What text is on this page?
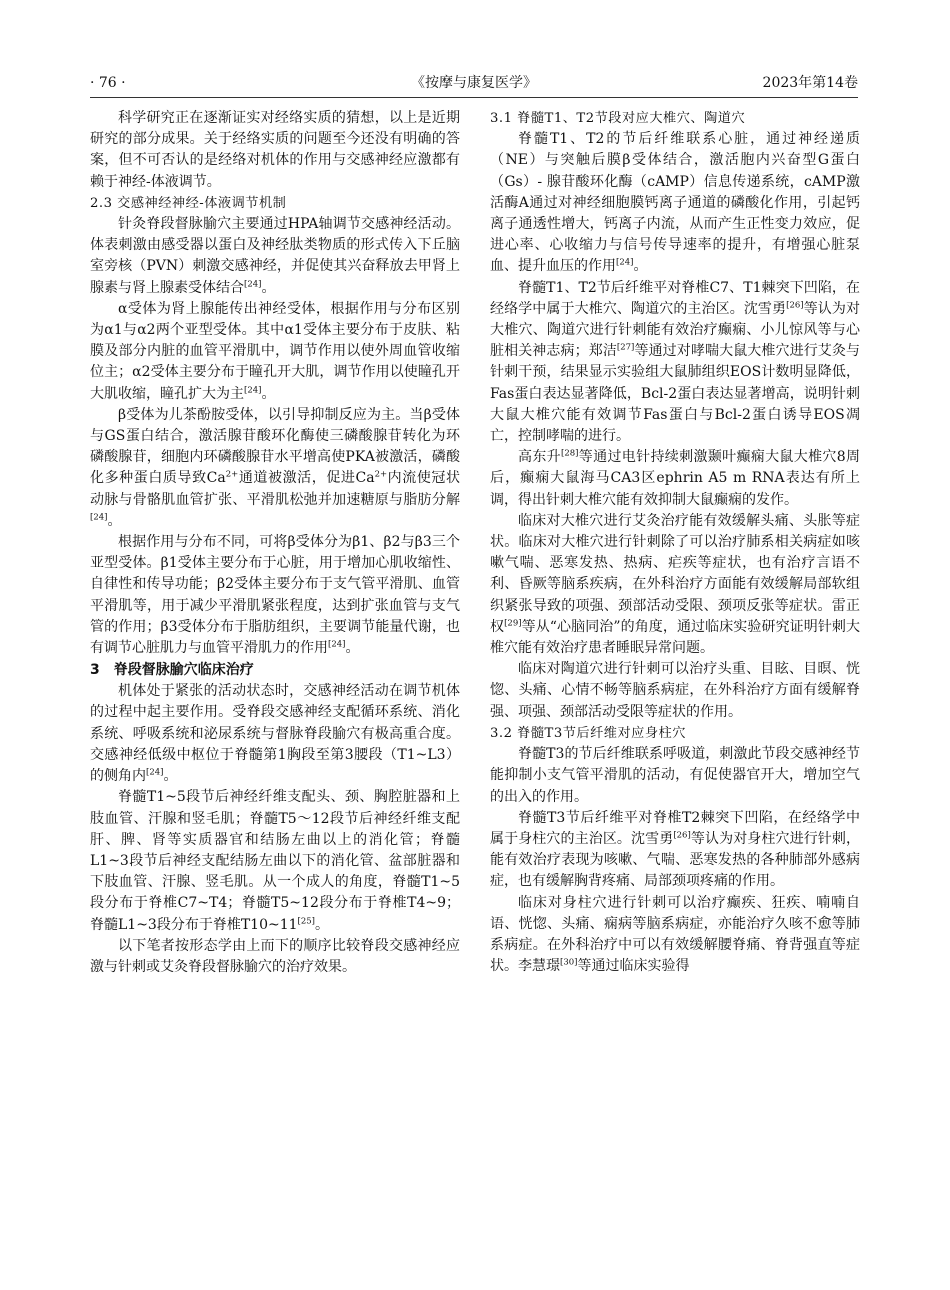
· 76 ·	《按摩与康复医学》	2023年第14卷

科学研究正在逐渐证实对经络实质的猜想，以上是近期研究的部分成果。关于经络实质的问题至今还没有明确的答案，但不可否认的是经络对机体的作用与交感神经应激都有赖于神经-体液调节。

2.3 交感神经神经-体液调节机制

针灸脊段督脉腧穴主要通过HPA轴调节交感神经活动。体表刺激由感受器以蛋白及神经肽类物质的形式传入下丘脑室旁核（PVN）刺激交感神经，并促使其兴奋释放去甲肾上腺素与肾上腺素受体结合[24]。

α受体为肾上腺能传出神经受体，根据作用与分布区别为α1与α2两个亚型受体。其中α1受体主要分布于皮肤、粘膜及部分内脏的血管平滑肌中，调节作用以使外周血管收缩位主；α2受体主要分布于瞳孔开大肌，调节作用以使瞳孔开大肌收缩，瞳孔扩大为主[24]。

β受体为儿茶酚胺受体，以引导抑制反应为主。当β受体与GS蛋白结合，激活腺苷酸环化酶使三磷酸腺苷转化为环磷酸腺苷，细胞内环磷酸腺苷水平增高使PKA被激活，磷酸化多种蛋白质导致$Ca^{2+}$通道被激活，促进$Ca^{2+}$内流使冠状动脉与骨骼肌血管扩张、平滑肌松弛并加速糖原与脂肪分解[24]。

根据作用与分布不同，可将β受体分为β1、β2与β3三个亚型受体。β1受体主要分布于心脏，用于增加心肌收缩性、自律性和传导功能；β2受体主要分布于支气管平滑肌、血管平滑肌等，用于减少平滑肌紧张程度，达到扩张血管与支气管的作用；β3受体分布于脂肪组织，主要调节能量代谢，也有调节心脏肌力与血管平滑肌力的作用[24]。

3　脊段督脉腧穴临床治疗

机体处于紧张的活动状态时，交感神经活动在调节机体的过程中起主要作用。受脊段交感神经支配循环系统、消化系统、呼吸系统和泌尿系统与督脉脊段腧穴有极高重合度。交感神经低级中枢位于脊髓第1胸段至第3腰段（T1~L3）的侧角内[24]。

脊髓T1~5段节后神经纤维支配头、颈、胸腔脏器和上肢血管、汗腺和竖毛肌；脊髓T5～12段节后神经纤维支配肝、脾、肾等实质器官和结肠左曲以上的消化管；脊髓L1~3段节后神经支配结肠左曲以下的消化管、盆部脏器和下肢血管、汗腺、竖毛肌。从一个成人的角度，脊髓T1~5段分布于脊椎C7~T4；脊髓T5~12段分布于脊椎T4~9；脊髓L1~3段分布于脊椎T10~11[25]。

以下笔者按形态学由上而下的顺序比较脊段交感神经应激与针刺或艾灸脊段督脉腧穴的治疗效果。

3.1 脊髓T1、T2节段对应大椎穴、陶道穴

脊髓T1、T2的节后纤维联系心脏，通过神经递质（NE）与突触后膜β受体结合，激活胞内兴奋型G蛋白（Gs）- 腺苷酸环化酶（cAMP）信息传递系统，cAMP激活酶A通过对神经细胞膜钙离子通道的磷酸化作用，引起钙离子通透性增大，钙离子内流，从而产生正性变力效应，促进心率、心收缩力与信号传导速率的提升，有增强心脏泵血、提升血压的作用[24]。

脊髓T1、T2节后纤维平对脊椎C7、T1棘突下凹陷，在经络学中属于大椎穴、陶道穴的主治区。沈雪勇[26]等认为对大椎穴、陶道穴进行针刺能有效治疗癫痫、小儿惊风等与心脏相关神志病；郑洁[27]等通过对哮喘大鼠大椎穴进行艾灸与针刺干预，结果显示实验组大鼠肺组织EOS计数明显降低，Fas蛋白表达显著降低，Bcl-2蛋白表达显著增高，说明针刺大鼠大椎穴能有效调节Fas蛋白与Bcl-2蛋白诱导EOS凋亡，控制哮喘的进行。

高东升[28]等通过电针持续刺激颞叶癫痫大鼠大椎穴8周后，癫痫大鼠海马CA3区ephrin A5 m RNA表达有所上调，得出针刺大椎穴能有效抑制大鼠癫痫的发作。

临床对大椎穴进行艾灸治疗能有效缓解头痛、头胀等症状。临床对大椎穴进行针刺除了可以治疗肺系相关病症如咳嗽气喘、恶寒发热、热病、疟疾等症状，也有治疗言语不利、昏厥等脑系疾病，在外科治疗方面能有效缓解局部软组织紧张导致的项强、颈部活动受限、颈项反张等症状。雷正权[29]等从“心脑同治”的角度，通过临床实验研究证明针刺大椎穴能有效治疗患者睡眠异常问题。

临床对陶道穴进行针刺可以治疗头重、目眩、目暝、恍惚、头痛、心情不畅等脑系病症，在外科治疗方面有缓解脊强、项强、颈部活动受限等症状的作用。

3.2 脊髓T3节后纤维对应身柱穴

脊髓T3的节后纤维联系呼吸道，刺激此节段交感神经节能抑制小支气管平滑肌的活动，有促使器官开大，增加空气的出入的作用。

脊髓T3节后纤维平对脊椎T2棘突下凹陷，在经络学中属于身柱穴的主治区。沈雪勇[26]等认为对身柱穴进行针刺，能有效治疗表现为咳嗽、气喘、恶寒发热的各种肺部外感病症，也有缓解胸背疼痛、局部颈项疼痛的作用。

临床对身柱穴进行针刺可以治疗癫疾、狂疾、喃喃自语、恍惚、头痛、痫病等脑系病症，亦能治疗久咳不愈等肺系病症。在外科治疗中可以有效缓解腰脊痛、脊背强直等症状。李慧璟[30]等通过临床实验得
